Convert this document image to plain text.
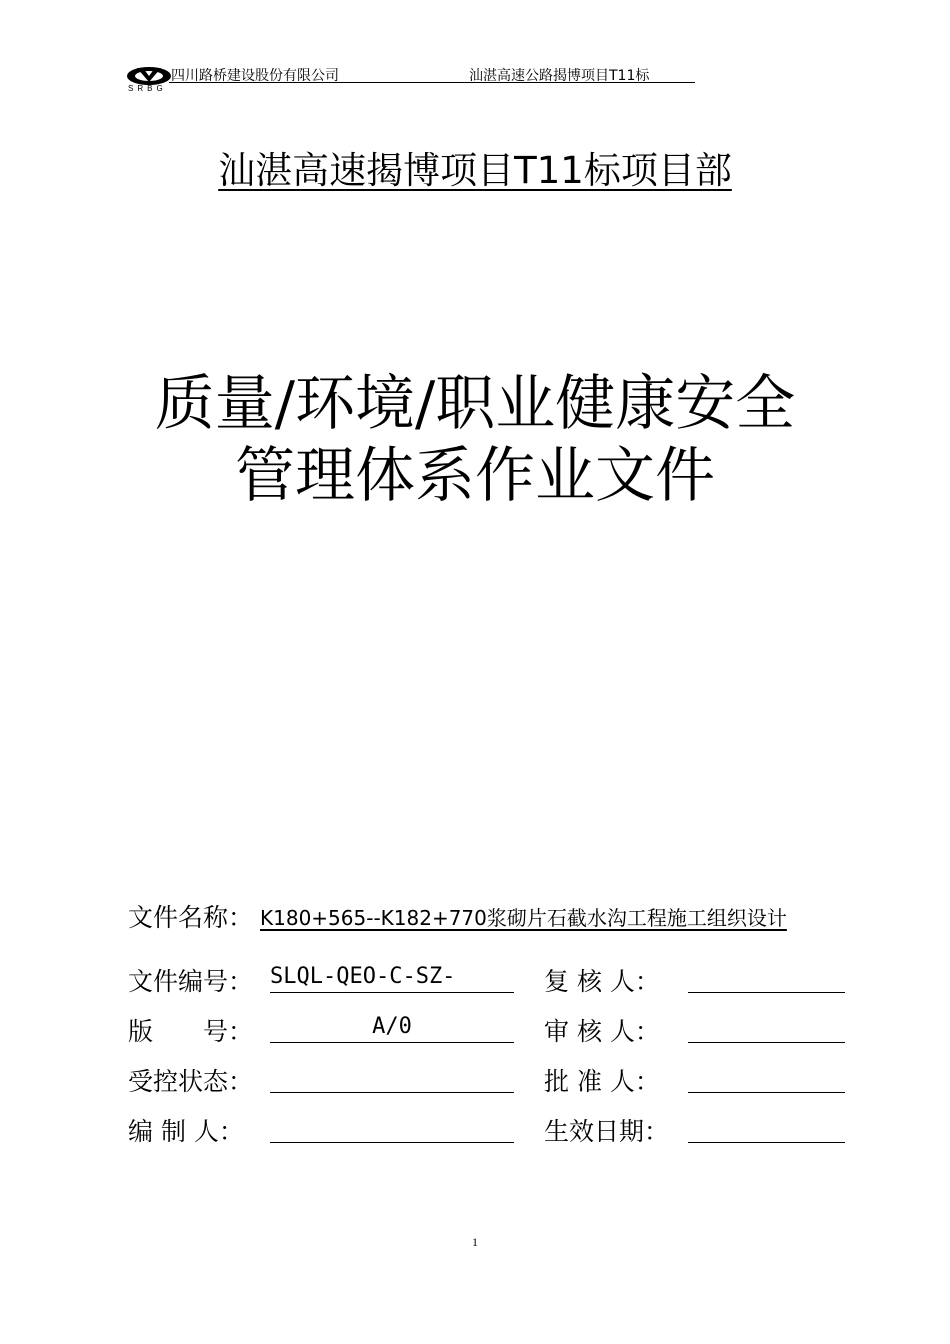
SRBG
四川路桥建设股份有限公司	汕湛高速公路揭博项目T11标
汕湛高速揭博项目T11标项目部
质量/环境/职业健康安全
管理体系作业文件
文件名称： K180+565--K182+770浆砌片石截水沟工程施工组织设计
文件编号： SLQL-QEO-C-SZ-
版　　号：	A/0
受控状态：
编 制 人：
复 核 人：
审 核 人：
批 准 人：
生效日期：
1
